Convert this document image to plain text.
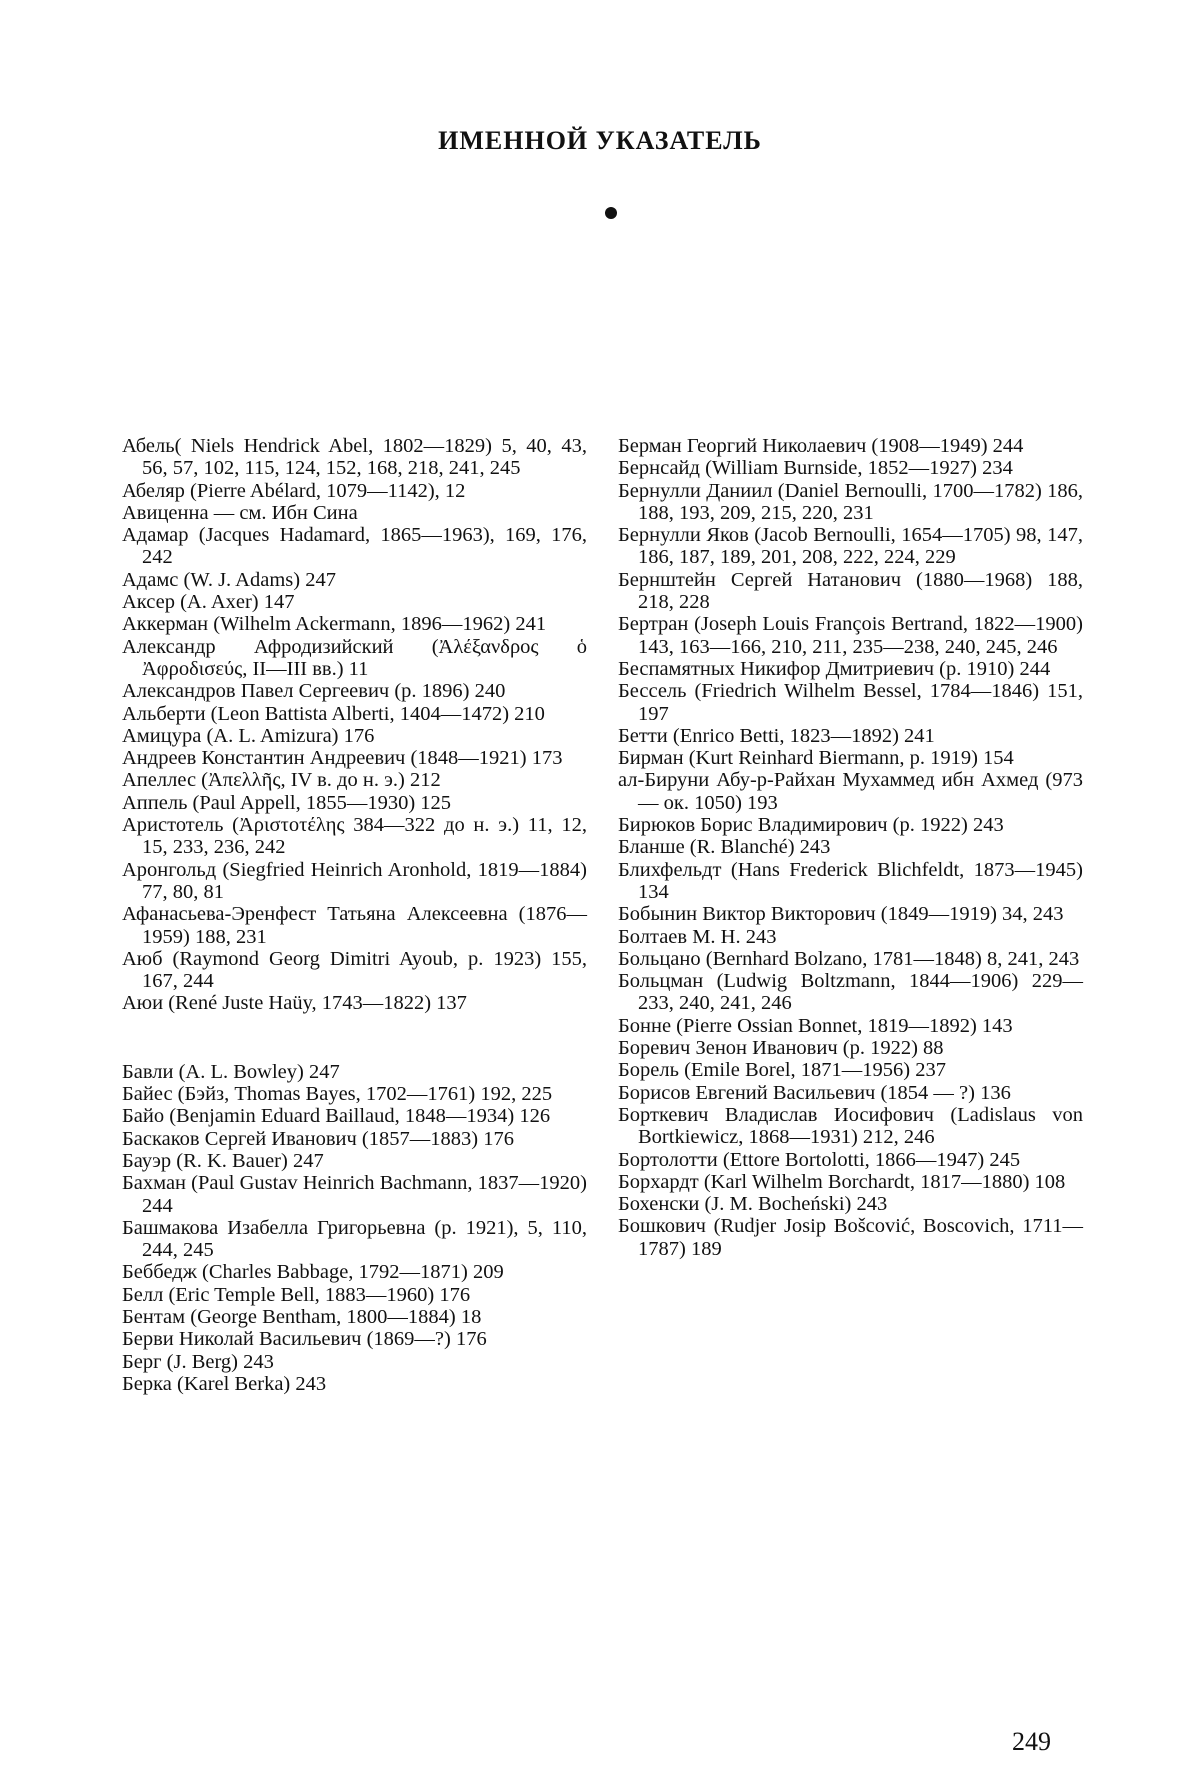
ИМЕННОЙ УКАЗАТЕЛЬ

Абель( Niels Hendrick Abel, 1802—1829) 5, 40, 43, 56, 57, 102, 115, 124, 152, 168, 218, 241, 245

Абеляр (Pierre Abélard, 1079—1142), 12

Авиценна — см. Ибн Сина

Адамар (Jacques Hadamard, 1865—1963), 169, 176, 242

Адамс (W. J. Adams) 247

Аксер (A. Axer) 147

Аккерман (Wilhelm Ackermann, 1896—1962) 241

Александр Афродизийский (Ἀλέξανδρος ὁ Ἀφροδισεύς, II—III вв.) 11

Александров Павел Сергеевич (р. 1896) 240

Альберти (Leon Battista Alberti, 1404—1472) 210

Амицура (A. L. Amizura) 176

Андреев Константин Андреевич (1848—1921) 173

Апеллес (Ἀπελλῆς, IV в. до н. э.) 212

Аппель (Paul Appell, 1855—1930) 125

Аристотель (Ἀριστοτέλης 384—322 до н. э.) 11, 12, 15, 233, 236, 242

Аронгольд (Siegfried Heinrich Aronhold, 1819—1884) 77, 80, 81

Афанасьева-Эренфест Татьяна Алексеевна (1876—1959) 188, 231

Аюб (Raymond Georg Dimitri Ayoub, р. 1923) 155, 167, 244

Аюи (René Juste Haüy, 1743—1822) 137

Бавли (A. L. Bowley) 247

Байес (Бэйз, Thomas Bayes, 1702—1761) 192, 225

Байо (Benjamin Eduard Baillaud, 1848—1934) 126

Баскаков Сергей Иванович (1857—1883) 176

Бауэр (R. K. Bauer) 247

Бахман (Paul Gustav Heinrich Bachmann, 1837—1920) 244

Башмакова Изабелла Григорьевна (р. 1921), 5, 110, 244, 245

Беббедж (Charles Babbage, 1792—1871) 209

Белл (Eric Temple Bell, 1883—1960) 176

Бентам (George Bentham, 1800—1884) 18

Берви Николай Васильевич (1869—?) 176

Берг (J. Berg) 243

Берка (Karel Berka) 243

Берман Георгий Николаевич (1908—1949) 244

Бернсайд (William Burnside, 1852—1927) 234

Бернулли Даниил (Daniel Bernoulli, 1700—1782) 186, 188, 193, 209, 215, 220, 231

Бернулли Яков (Jacob Bernoulli, 1654—1705) 98, 147, 186, 187, 189, 201, 208, 222, 224, 229

Бернштейн Сергей Натанович (1880—1968) 188, 218, 228

Бертран (Joseph Louis François Bertrand, 1822—1900) 143, 163—166, 210, 211, 235—238, 240, 245, 246

Беспамятных Никифор Дмитриевич (р. 1910) 244

Бессель (Friedrich Wilhelm Bessel, 1784—1846) 151, 197

Бетти (Enrico Betti, 1823—1892) 241

Бирман (Kurt Reinhard Biermann, р. 1919) 154

ал-Бируни Абу-р-Райхан Мухаммед ибн Ахмед (973 — ок. 1050) 193

Бирюков Борис Владимирович (р. 1922) 243

Бланше (R. Blanché) 243

Блихфельдт (Hans Frederick Blichfeldt, 1873—1945) 134

Бобынин Виктор Викторович (1849—1919) 34, 243

Болтаев М. Н. 243

Больцано (Bernhard Bolzano, 1781—1848) 8, 241, 243

Больцман (Ludwig Boltzmann, 1844—1906) 229—233, 240, 241, 246

Бонне (Pierre Ossian Bonnet, 1819—1892) 143

Боревич Зенон Иванович (р. 1922) 88

Борель (Emile Borel, 1871—1956) 237

Борисов Евгений Васильевич (1854 — ?) 136

Борткевич Владислав Иосифович (Ladislaus von Bortkiewicz, 1868—1931) 212, 246

Бортолотти (Ettore Bortolotti, 1866—1947) 245

Борхардт (Karl Wilhelm Borchardt, 1817—1880) 108

Бохенски (J. M. Bocheński) 243

Бошкович (Rudjer Josip Bošcović, Boscovich, 1711—1787) 189

249
